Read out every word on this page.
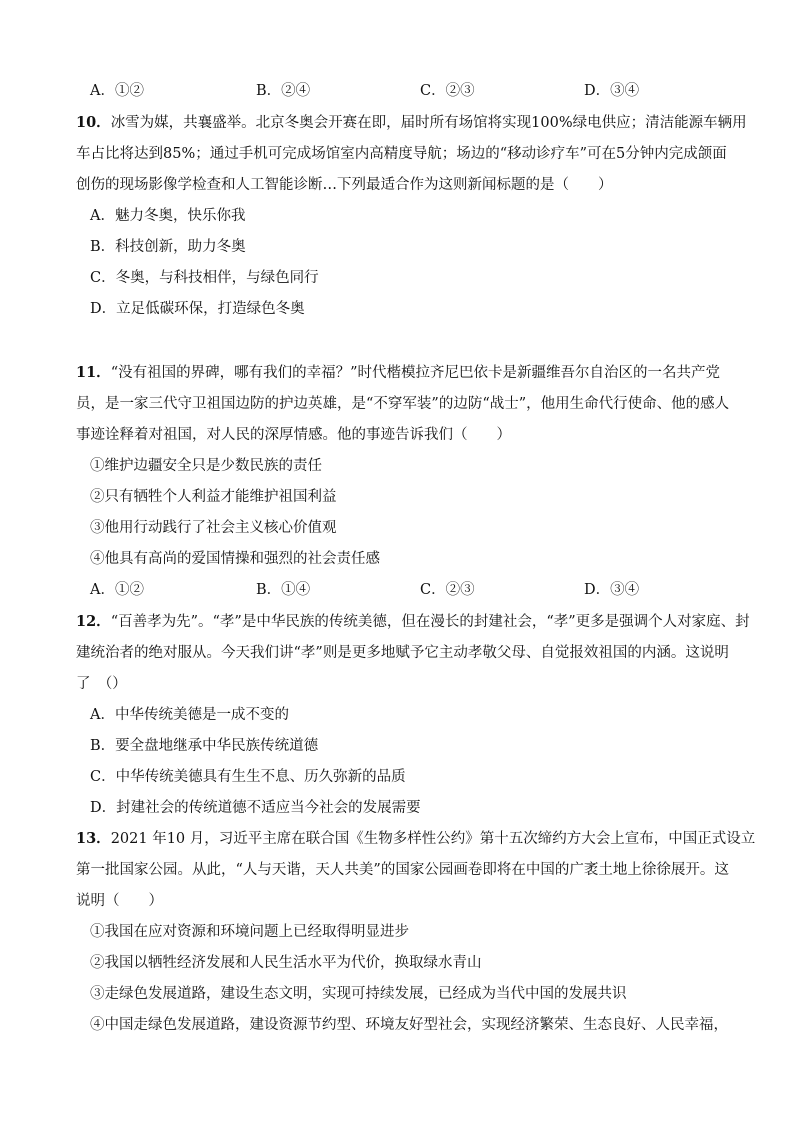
A．①②	B．②④	C．②③	D．③④
10．冰雪为媒，共襄盛举。北京冬奥会开赛在即，届时所有场馆将实现100%绿电供应；清洁能源车辆用
车占比将达到85%；通过手机可完成场馆室内高精度导航；场边的“移动诊疗车”可在5分钟内完成颌面
创伤的现场影像学检查和人工智能诊断…下列最适合作为这则新闻标题的是（　　）
A．魅力冬奥，快乐你我
B．科技创新，助力冬奥
C．冬奥，与科技相伴，与绿色同行
D．立足低碳环保，打造绿色冬奥
11．“没有祖国的界碑，哪有我们的幸福？”时代楷模拉齐尼巴依卡是新疆维吾尔自治区的一名共产党
员，是一家三代守卫祖国边防的护边英雄，是“不穿军装”的边防“战士”，他用生命代行使命、他的感人
事迹诠释着对祖国，对人民的深厚情感。他的事迹告诉我们（　　）
①维护边疆安全只是少数民族的责任
②只有牺牲个人利益才能维护祖国利益
③他用行动践行了社会主义核心价值观
④他具有高尚的爱国情操和强烈的社会责任感
A．①②	B．①④	C．②③	D．③④
12．“百善孝为先”。“孝”是中华民族的传统美德，但在漫长的封建社会，“孝”更多是强调个人对家庭、封
建统治者的绝对服从。今天我们讲“孝”则是更多地赋予它主动孝敬父母、自觉报效祖国的内涵。这说明
了　（）
A．中华传统美德是一成不变的
B．要全盘地继承中华民族传统道德
C．中华传统美德具有生生不息、历久弥新的品质
D．封建社会的传统道德不适应当今社会的发展需要
13．2021 年10 月，习近平主席在联合国《生物多样性公约》第十五次缔约方大会上宣布，中国正式设立
第一批国家公园。从此，“人与天谐，天人共美”的国家公园画卷即将在中国的广袤土地上徐徐展开。这
说明（　　）
①我国在应对资源和环境问题上已经取得明显进步
②我国以牺牲经济发展和人民生活水平为代价，换取绿水青山
③走绿色发展道路，建设生态文明，实现可持续发展，已经成为当代中国的发展共识
④中国走绿色发展道路，建设资源节约型、环境友好型社会，实现经济繁荣、生态良好、人民幸福，
